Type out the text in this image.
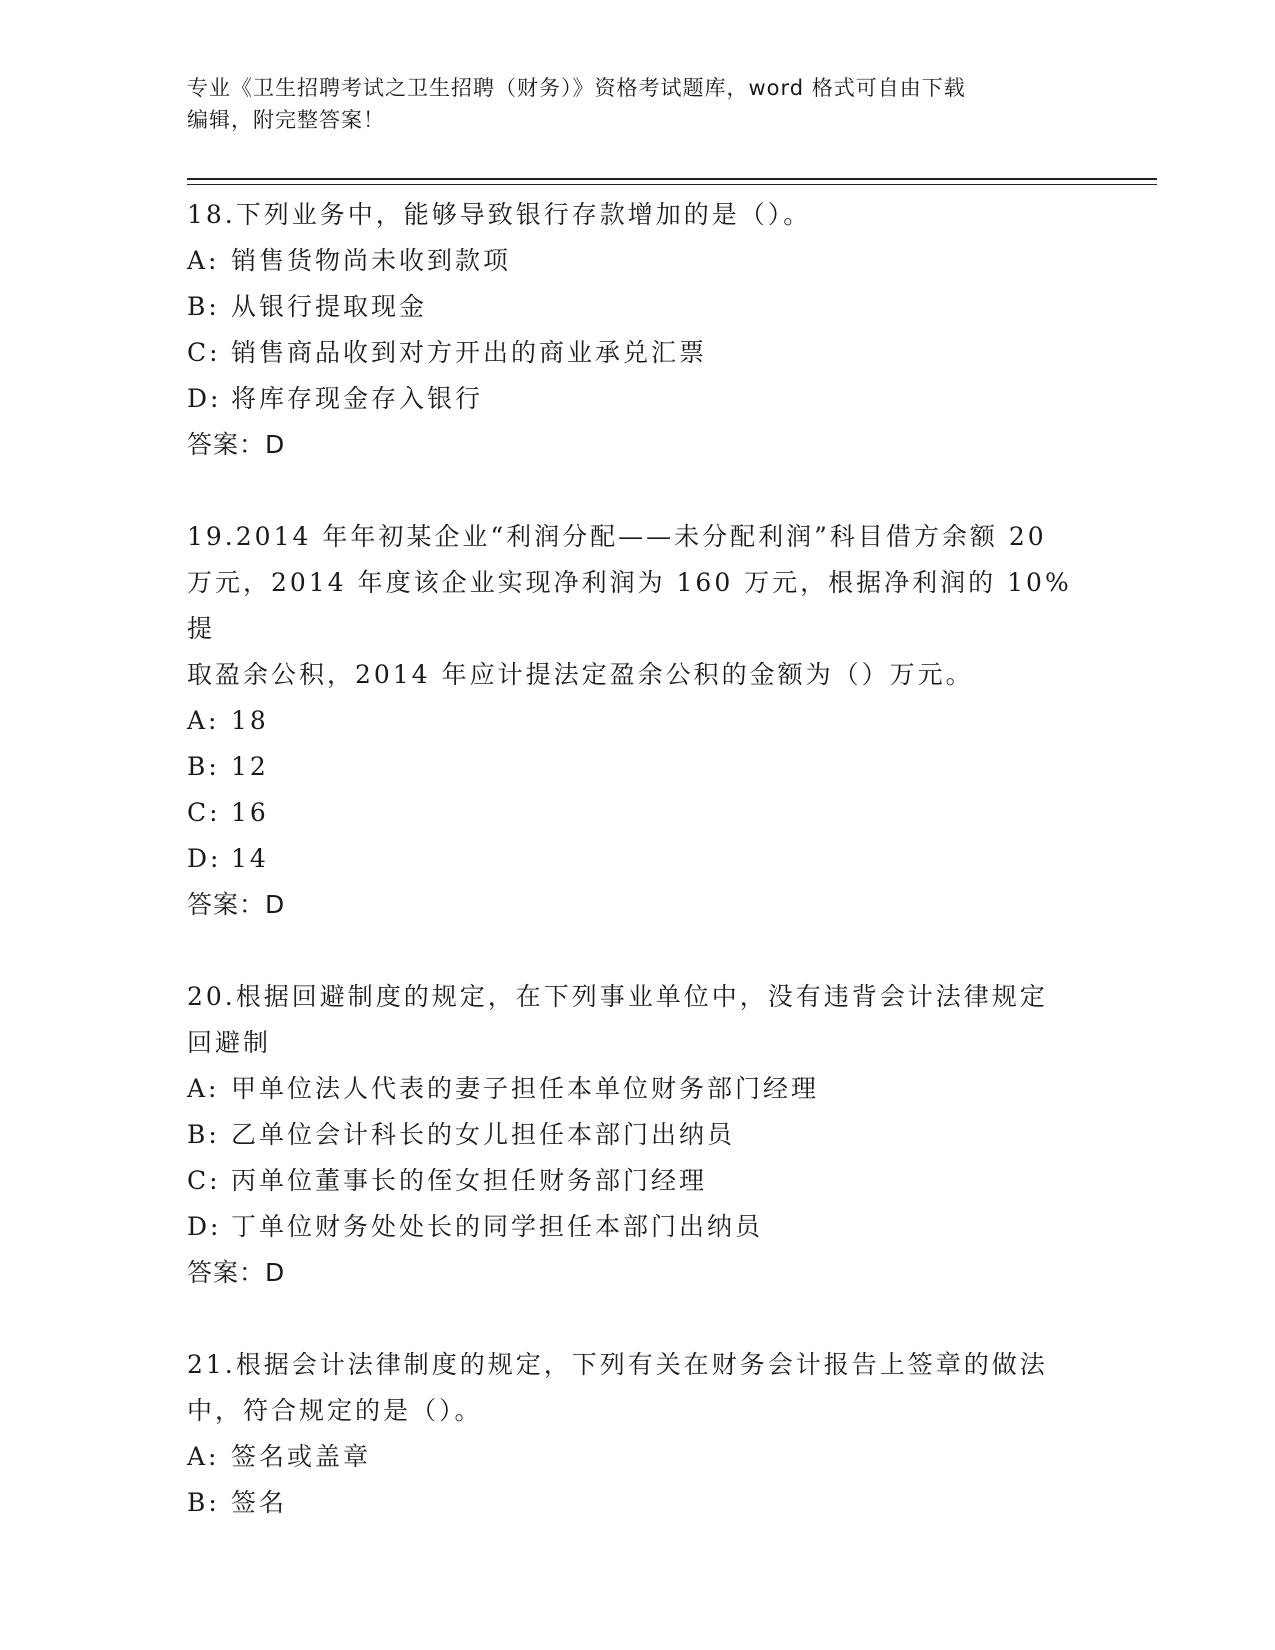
专业《卫生招聘考试之卫生招聘（财务）》资格考试题库，word 格式可自由下载
编辑，附完整答案！

18.下列业务中，能够导致银行存款增加的是（）。

A: 销售货物尚未收到款项

B: 从银行提取现金

C: 销售商品收到对方开出的商业承兑汇票

D: 将库存现金存入银行

答案：D

19.2014 年年初某企业“利润分配——未分配利润”科目借方余额 20

万元，2014 年度该企业实现净利润为 160 万元，根据净利润的 10%提

取盈余公积，2014 年应计提法定盈余公积的金额为（）万元。

A: 18

B: 12

C: 16

D: 14

答案：D

20.根据回避制度的规定，在下列事业单位中，没有违背会计法律规定

回避制

A: 甲单位法人代表的妻子担任本单位财务部门经理

B: 乙单位会计科长的女儿担任本部门出纳员

C: 丙单位董事长的侄女担任财务部门经理

D: 丁单位财务处处长的同学担任本部门出纳员

答案：D

21.根据会计法律制度的规定，下列有关在财务会计报告上签章的做法

中，符合规定的是（）。

A: 签名或盖章

B: 签名
